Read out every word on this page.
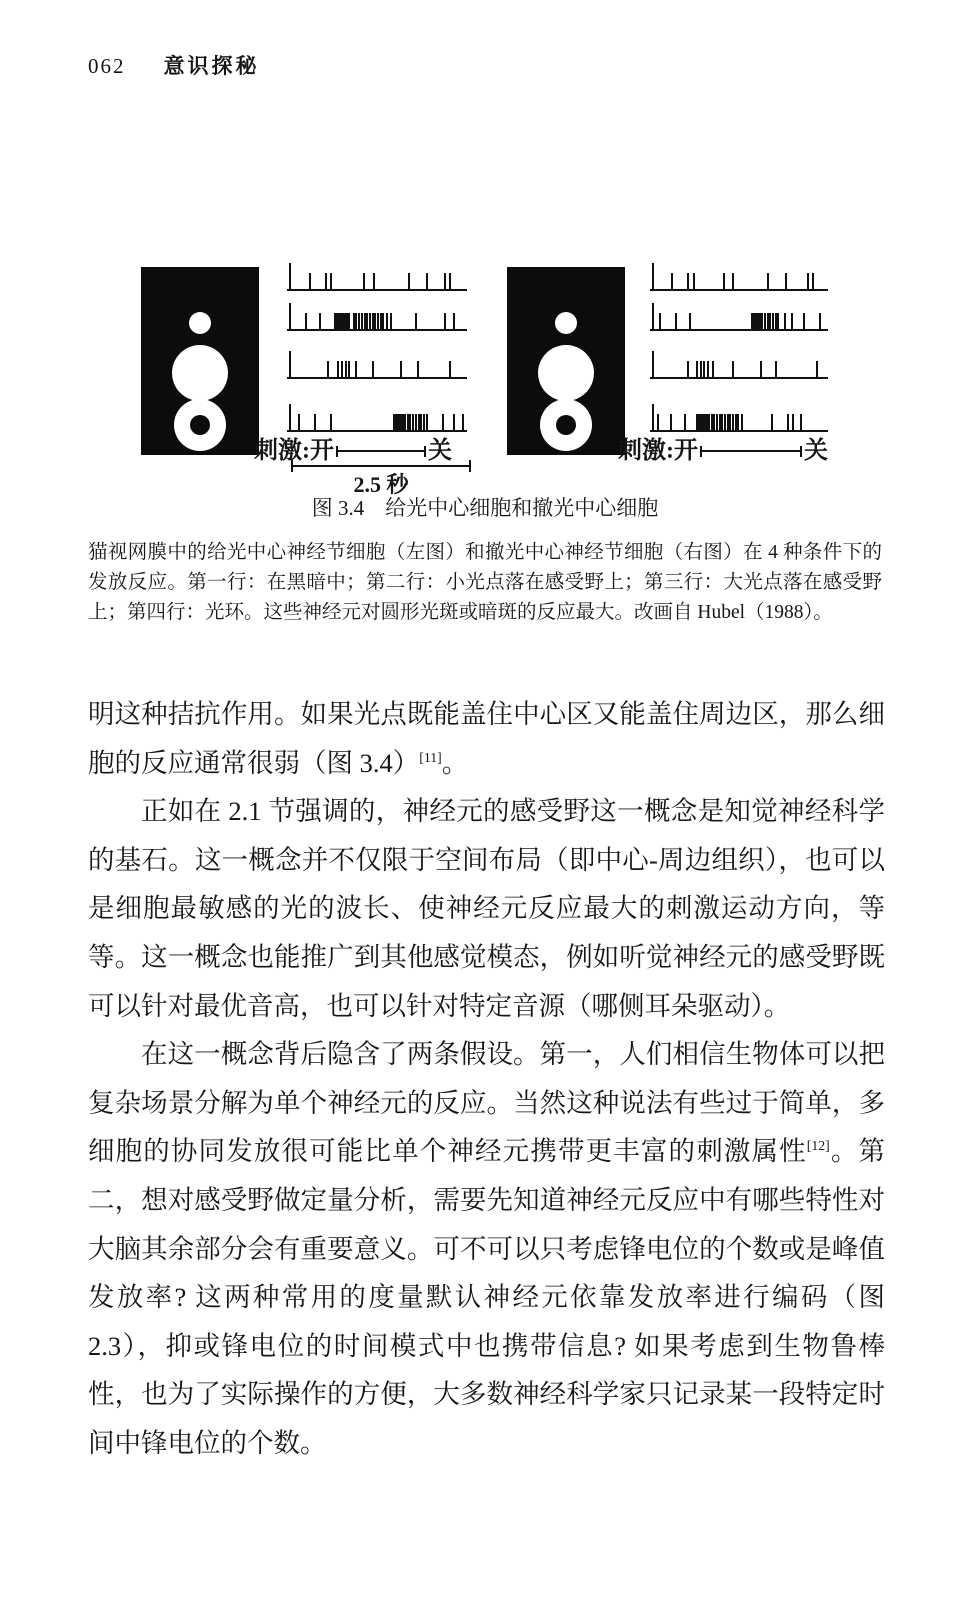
062 意识探秘
刺激:开	关	刺激:开	关
2.5 秒
图 3.4　给光中心细胞和撤光中心细胞
猫视网膜中的给光中心神经节细胞（左图）和撤光中心神经节细胞（右图）在 4 种条件下的发放反应。第一行：在黑暗中；第二行：小光点落在感受野上；第三行：大光点落在感受野上；第四行：光环。这些神经元对圆形光斑或暗斑的反应最大。改画自 Hubel（1988）。

明这种拮抗作用。如果光点既能盖住中心区又能盖住周边区，那么细胞的反应通常很弱（图 3.4）[11]。

正如在 2.1 节强调的，神经元的感受野这一概念是知觉神经科学的基石。这一概念并不仅限于空间布局（即中心-周边组织），也可以是细胞最敏感的光的波长、使神经元反应最大的刺激运动方向，等等。这一概念也能推广到其他感觉模态，例如听觉神经元的感受野既可以针对最优音高，也可以针对特定音源（哪侧耳朵驱动）。

在这一概念背后隐含了两条假设。第一，人们相信生物体可以把复杂场景分解为单个神经元的反应。当然这种说法有些过于简单，多细胞的协同发放很可能比单个神经元携带更丰富的刺激属性[12]。第二，想对感受野做定量分析，需要先知道神经元反应中有哪些特性对大脑其余部分会有重要意义。可不可以只考虑锋电位的个数或是峰值发放率? 这两种常用的度量默认神经元依靠发放率进行编码（图 2.3），抑或锋电位的时间模式中也携带信息? 如果考虑到生物鲁棒性，也为了实际操作的方便，大多数神经科学家只记录某一段特定时间中锋电位的个数。
